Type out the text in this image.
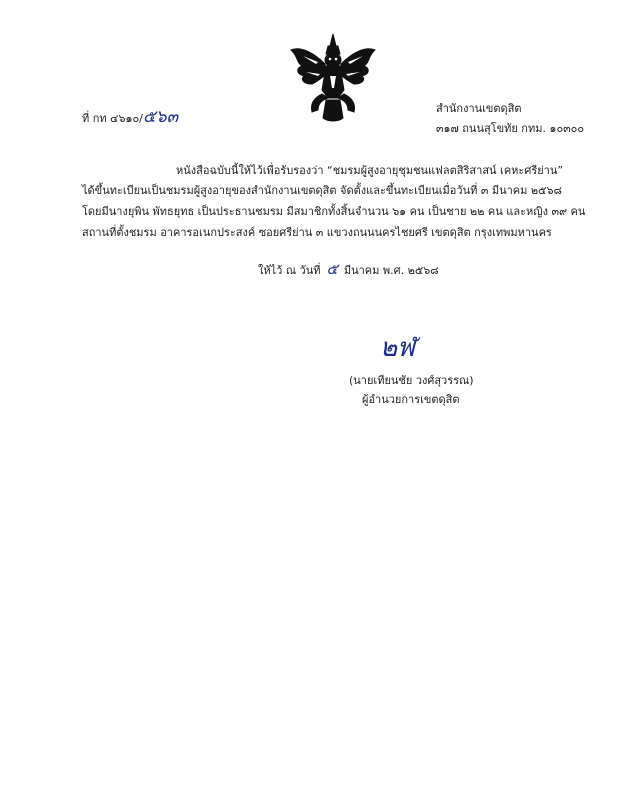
ที่ กท ๔๖๑๐/๕๖๓	สำนักงานเขตดุสิต
๓๑๗ ถนนสุโขทัย กทม. ๑๐๓๐๐

หนังสือฉบับนี้ให้ไว้เพื่อรับรองว่า “ชมรมผู้สูงอายุชุมชนแฟลตสิริสาสน์ เคหะศรีย่าน”

ได้ขึ้นทะเบียนเป็นชมรมผู้สูงอายุของสำนักงานเขตดุสิต จัดตั้งและขึ้นทะเบียนเมื่อวันที่ ๓ มีนาคม ๒๕๖๘

โดยมีนางยุพิน พัทธยุทธ เป็นประธานชมรม มีสมาชิกทั้งสิ้นจำนวน ๖๑ คน เป็นชาย ๒๒ คน และหญิง ๓๙ คน

สถานที่ตั้งชมรม อาคารอเนกประสงค์ ซอยศรีย่าน ๓ แขวงถนนนครไชยศรี เขตดุสิต กรุงเทพมหานคร

ให้ไว้ ณ วันที่ ๕ มีนาคม พ.ศ. ๒๕๖๘
๒ฬ
(นายเทียนชัย วงศ์สุวรรณ)
ผู้อำนวยการเขตดุสิต
